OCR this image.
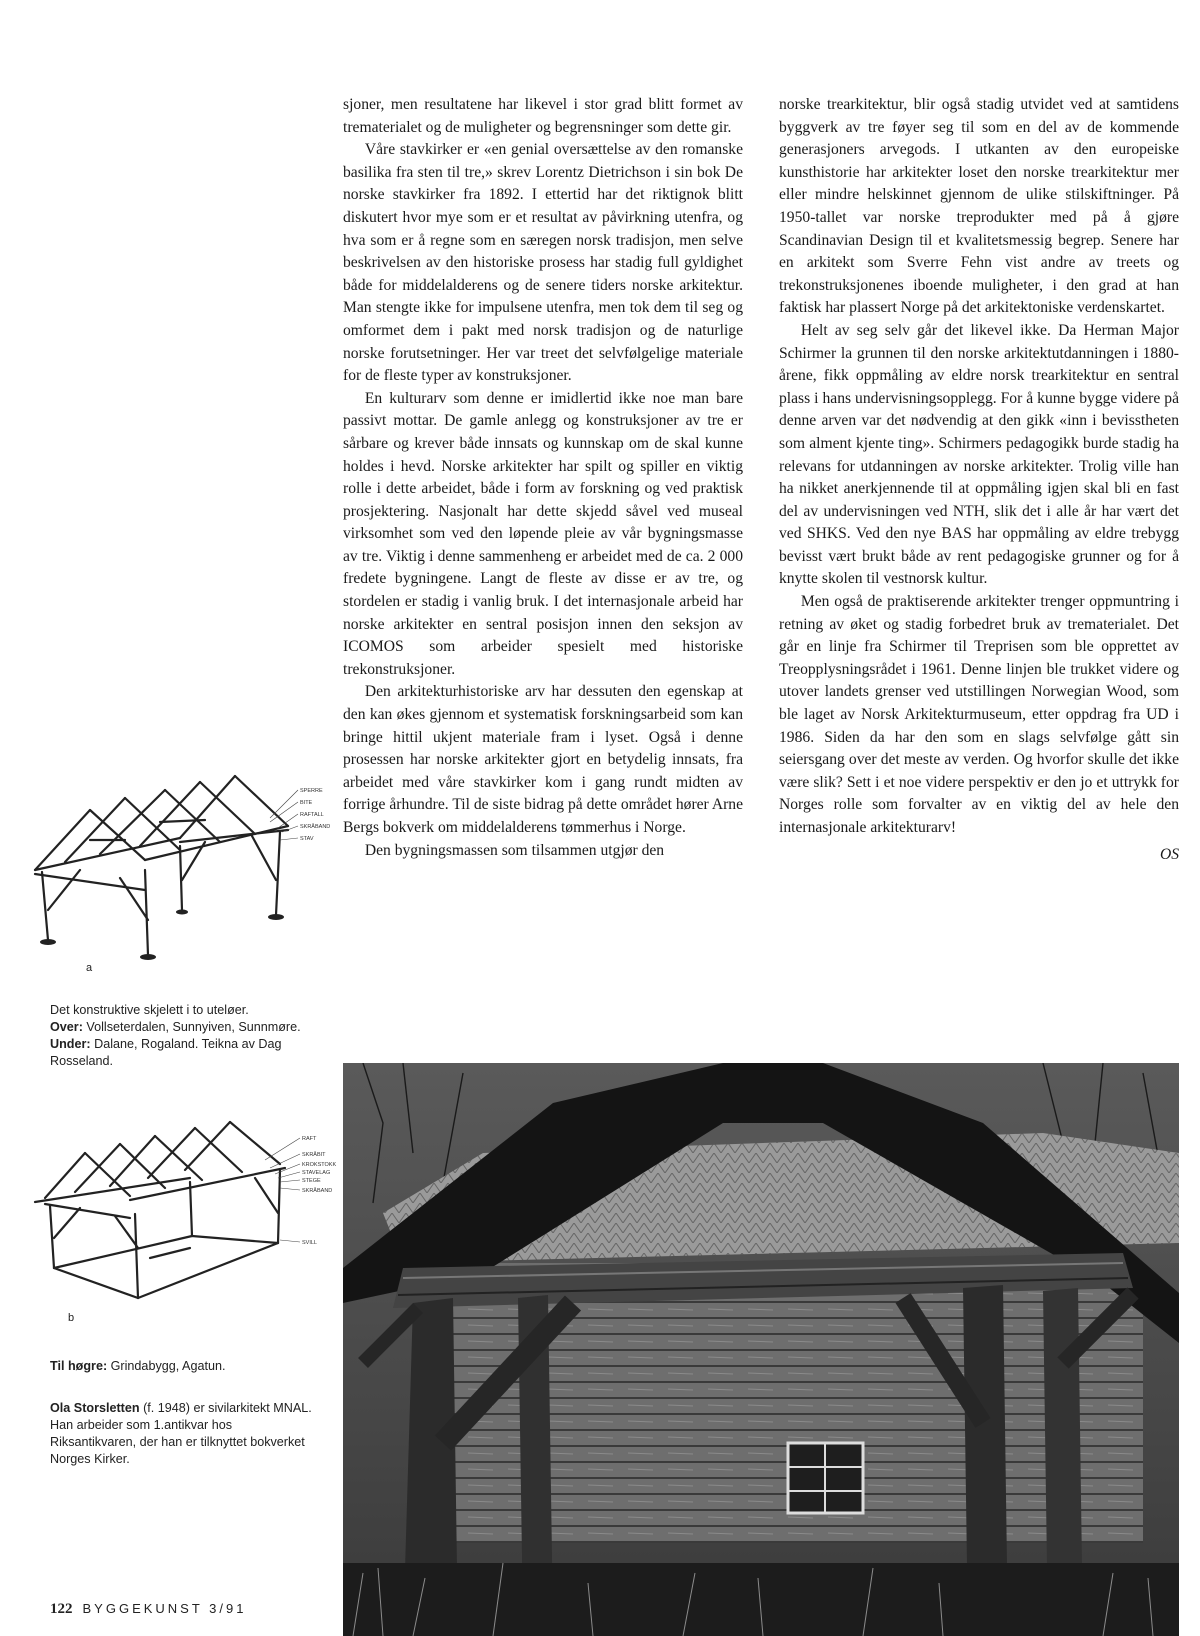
sjoner, men resultatene har likevel i stor grad blitt formet av trematerialet og de muligheter og begrensninger som dette gir.

Våre stavkirker er «en genial oversættelse av den romanske basilika fra sten til tre,» skrev Lorentz Dietrichson i sin bok De norske stavkirker fra 1892. I ettertid har det riktignok blitt diskutert hvor mye som er et resultat av påvirkning utenfra, og hva som er å regne som en særegen norsk tradisjon, men selve beskrivelsen av den historiske prosess har stadig full gyldighet både for middelalderens og de senere tiders norske arkitektur. Man stengte ikke for impulsene utenfra, men tok dem til seg og omformet dem i pakt med norsk tradisjon og de naturlige norske forutsetninger. Her var treet det selvfølgelige materiale for de fleste typer av konstruksjoner.

En kulturarv som denne er imidlertid ikke noe man bare passivt mottar. De gamle anlegg og konstruksjoner av tre er sårbare og krever både innsats og kunnskap om de skal kunne holdes i hevd. Norske arkitekter har spilt og spiller en viktig rolle i dette arbeidet, både i form av forskning og ved praktisk prosjektering. Nasjonalt har dette skjedd såvel ved museal virksomhet som ved den løpende pleie av vår bygningsmasse av tre. Viktig i denne sammenheng er arbeidet med de ca. 2 000 fredete bygningene. Langt de fleste av disse er av tre, og stordelen er stadig i vanlig bruk. I det internasjonale arbeid har norske arkitekter en sentral posisjon innen den seksjon av ICOMOS som arbeider spesielt med historiske trekonstruksjoner.

Den arkitekturhistoriske arv har dessuten den egenskap at den kan økes gjennom et systematisk forskningsarbeid som kan bringe hittil ukjent materiale fram i lyset. Også i denne prosessen har norske arkitekter gjort en betydelig innsats, fra arbeidet med våre stavkirker kom i gang rundt midten av forrige århundre. Til de siste bidrag på dette området hører Arne Bergs bokverk om middelalderens tømmerhus i Norge.

Den bygningsmassen som tilsammen utgjør den

norske trearkitektur, blir også stadig utvidet ved at samtidens byggverk av tre føyer seg til som en del av de kommende generasjoners arvegods. I utkanten av den europeiske kunsthistorie har arkitekter loset den norske trearkitektur mer eller mindre helskinnet gjennom de ulike stilskiftninger. På 1950-tallet var norske treprodukter med på å gjøre Scandinavian Design til et kvalitetsmessig begrep. Senere har en arkitekt som Sverre Fehn vist andre av treets og trekonstruksjonenes iboende muligheter, i den grad at han faktisk har plassert Norge på det arkitektoniske verdenskartet.

Helt av seg selv går det likevel ikke. Da Herman Major Schirmer la grunnen til den norske arkitektutdanningen i 1880-årene, fikk oppmåling av eldre norsk trearkitektur en sentral plass i hans undervisningsopplegg. For å kunne bygge videre på denne arven var det nødvendig at den gikk «inn i bevisstheten som alment kjente ting». Schirmers pedagogikk burde stadig ha relevans for utdanningen av norske arkitekter. Trolig ville han ha nikket anerkjennende til at oppmåling igjen skal bli en fast del av undervisningen ved NTH, slik det i alle år har vært det ved SHKS. Ved den nye BAS har oppmåling av eldre trebygg bevisst vært brukt både av rent pedagogiske grunner og for å knytte skolen til vestnorsk kultur.

Men også de praktiserende arkitekter trenger oppmuntring i retning av øket og stadig forbedret bruk av trematerialet. Det går en linje fra Schirmer til Treprisen som ble opprettet av Treopplysningsrådet i 1961. Denne linjen ble trukket videre og utover landets grenser ved utstillingen Norwegian Wood, som ble laget av Norsk Arkitekturmuseum, etter oppdrag fra UD i 1986. Siden da har den som en slags selvfølge gått sin seiersgang over det meste av verden. Og hvorfor skulle det ikke være slik? Sett i et noe videre perspektiv er den jo et uttrykk for Norges rolle som forvalter av en viktig del av hele den internasjonale arkitekturarv!

OS
SPERRE
BITE
RAFTALL
SKRÅBAND
STAV
a

Det konstruktive skjelett i to uteløer.

Over: Vollseterdalen, Sunnyiven, Sunnmøre.

Under: Dalane, Rogaland. Teikna av Dag Rosseland.

RAFT
SKRÅBIT
KROKSTOKK
STAVELAG
STEGE
SKRÅBAND
SVILL
b

Til høgre: Grindabygg, Agatun.

Ola Storsletten (f. 1948) er sivilarkitekt MNAL. Han arbeider som 1.antikvar hos Riksantikvaren, der han er tilknyttet bokverket Norges Kirker.

122 BYGGEKUNST 3/91
